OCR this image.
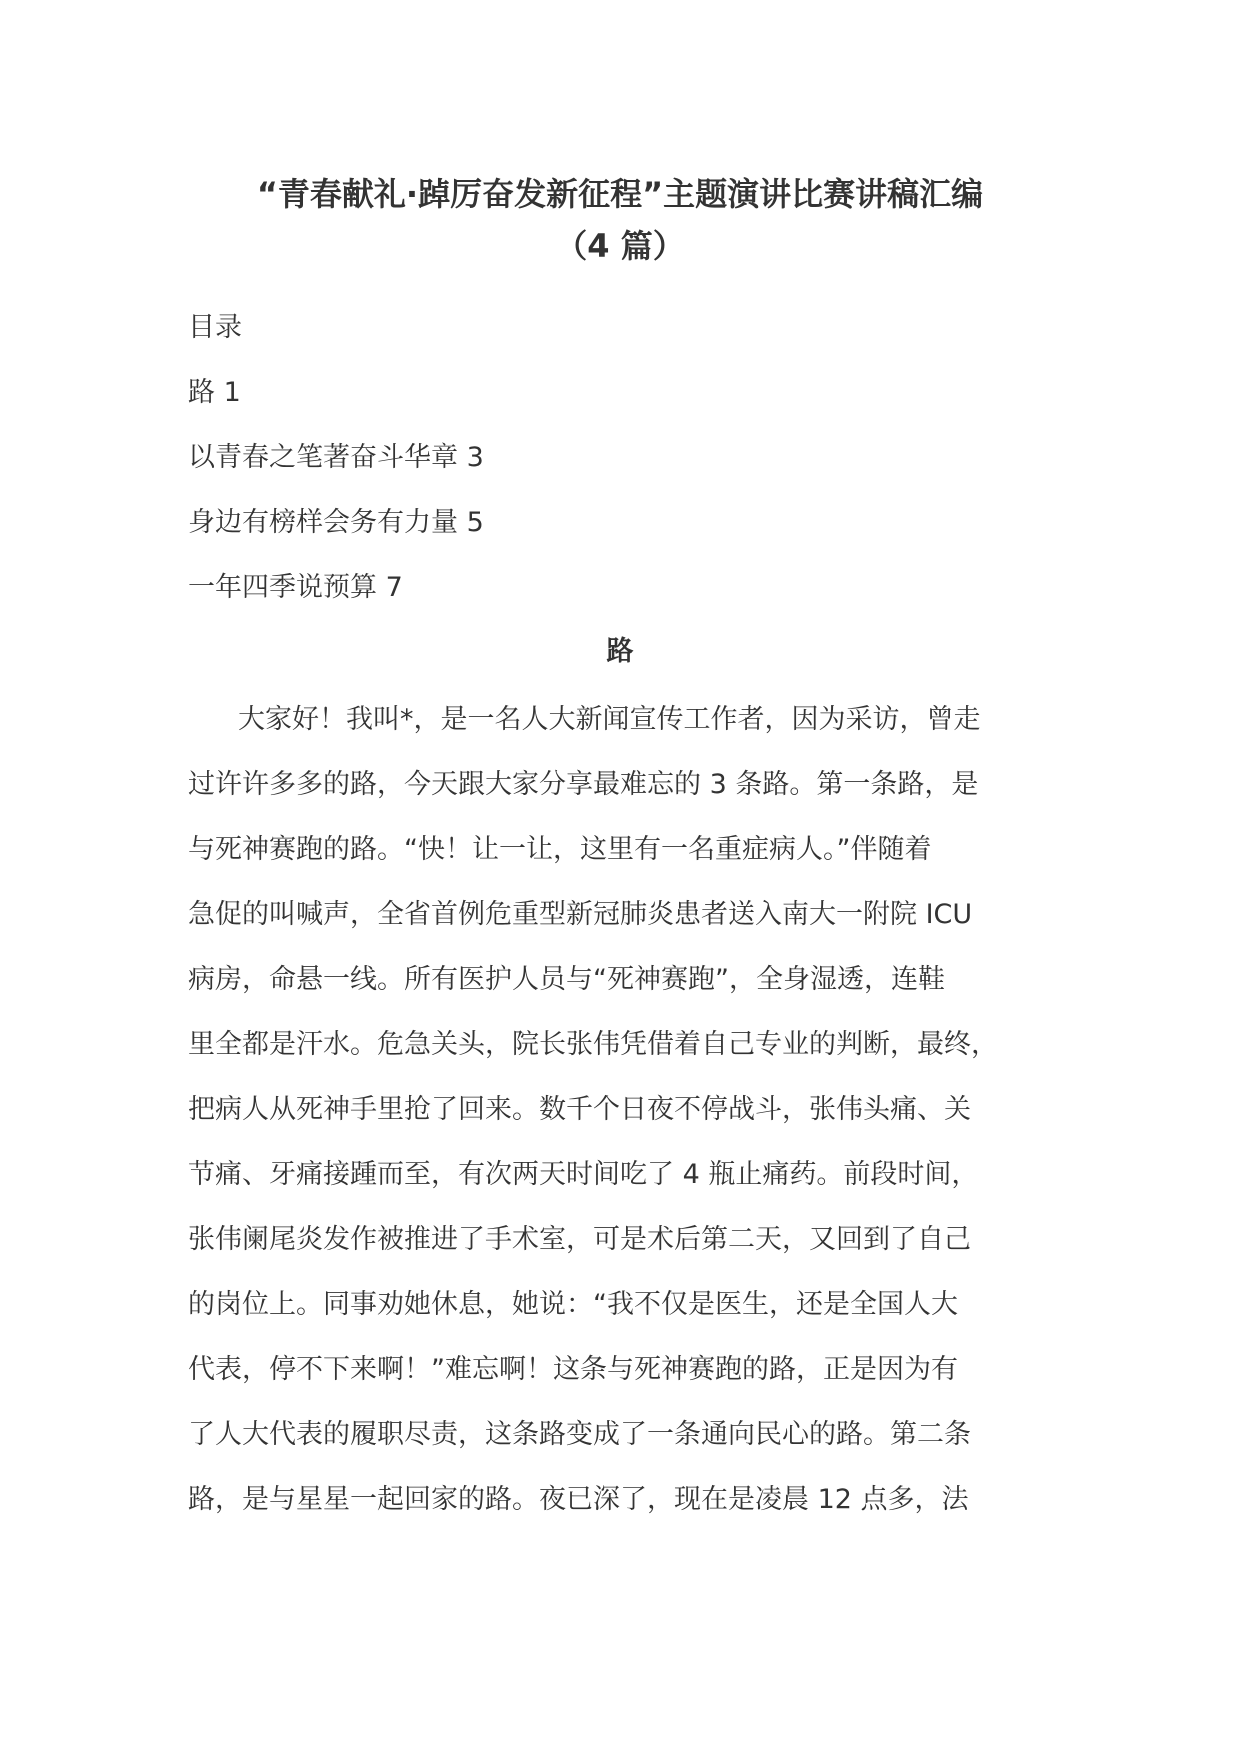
“青春献礼·踔厉奋发新征程”主题演讲比赛讲稿汇编
（4 篇）
目录
路 1
以青春之笔著奋斗华章 3
身边有榜样会务有力量 5
一年四季说预算 7
路
大家好！我叫*，是一名人大新闻宣传工作者，因为采访，曾走
过许许多多的路，今天跟大家分享最难忘的 3 条路。第一条路，是
与死神赛跑的路。“快！让一让，这里有一名重症病人。”伴随着
急促的叫喊声，全省首例危重型新冠肺炎患者送入南大一附院 ICU
病房，命悬一线。所有医护人员与“死神赛跑”，全身湿透，连鞋
里全都是汗水。危急关头，院长张伟凭借着自己专业的判断，最终，
把病人从死神手里抢了回来。数千个日夜不停战斗，张伟头痛、关
节痛、牙痛接踵而至，有次两天时间吃了 4 瓶止痛药。前段时间，
张伟阑尾炎发作被推进了手术室，可是术后第二天，又回到了自己
的岗位上。同事劝她休息，她说：“我不仅是医生，还是全国人大
代表，停不下来啊！”难忘啊！这条与死神赛跑的路，正是因为有
了人大代表的履职尽责，这条路变成了一条通向民心的路。第二条
路，是与星星一起回家的路。夜已深了，现在是凌晨 12 点多，法
